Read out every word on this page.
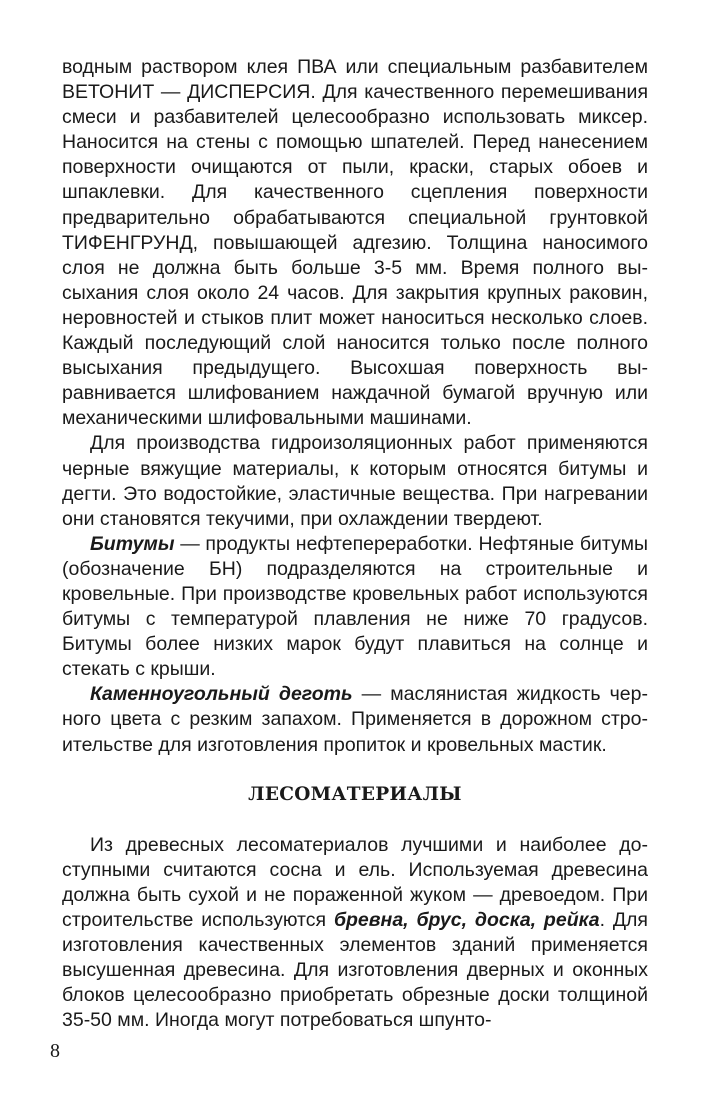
водным раствором клея ПВА или специальным разбавителем ВЕТОНИТ — ДИСПЕРСИЯ. Для качественного перемешивания смеси и разбавителей целесообразно использовать миксер. Наносится на стены с помощью шпателей. Перед нанесением поверхности очищаются от пыли, краски, старых обоев и шпаклевки. Для качественного сцепления поверхности предварительно обрабатываются специальной грунтовкой ТИФЕНГРУНД, повышающей адгезию. Толщина наносимого слоя не должна быть больше 3-5 мм. Время полного высыхания слоя около 24 часов. Для закрытия крупных раковин, неровностей и стыков плит может наноситься несколько слоев. Каждый последующий слой наносится только после полного высыхания предыдущего. Высохшая поверхность выравнивается шлифованием наждачной бумагой вручную или механическими шлифовальными машинами.

Для производства гидроизоляционных работ применяются черные вяжущие материалы, к которым относятся битумы и дегти. Это водостойкие, эластичные вещества. При нагревании они становятся текучими, при охлаждении твердеют.

Битумы — продукты нефтепереработки. Нефтяные битумы (обозначение БН) подразделяются на строительные и кровельные. При производстве кровельных работ используются битумы с температурой плавления не ниже 70 градусов. Битумы более низких марок будут плавиться на солнце и стекать с крыши.

Каменноугольный деготь — маслянистая жидкость черного цвета с резким запахом. Применяется в дорожном строительстве для изготовления пропиток и кровельных мастик.

ЛЕСОМАТЕРИАЛЫ

Из древесных лесоматериалов лучшими и наиболее доступными считаются сосна и ель. Используемая древесина должна быть сухой и не пораженной жуком — древоедом. При строительстве используются бревна, брус, доска, рейка. Для изготовления качественных элементов зданий применяется высушенная древесина. Для изготовления дверных и оконных блоков целесообразно приобретать обрезные доски толщиной 35-50 мм. Иногда могут потребоваться шпунто-

8
